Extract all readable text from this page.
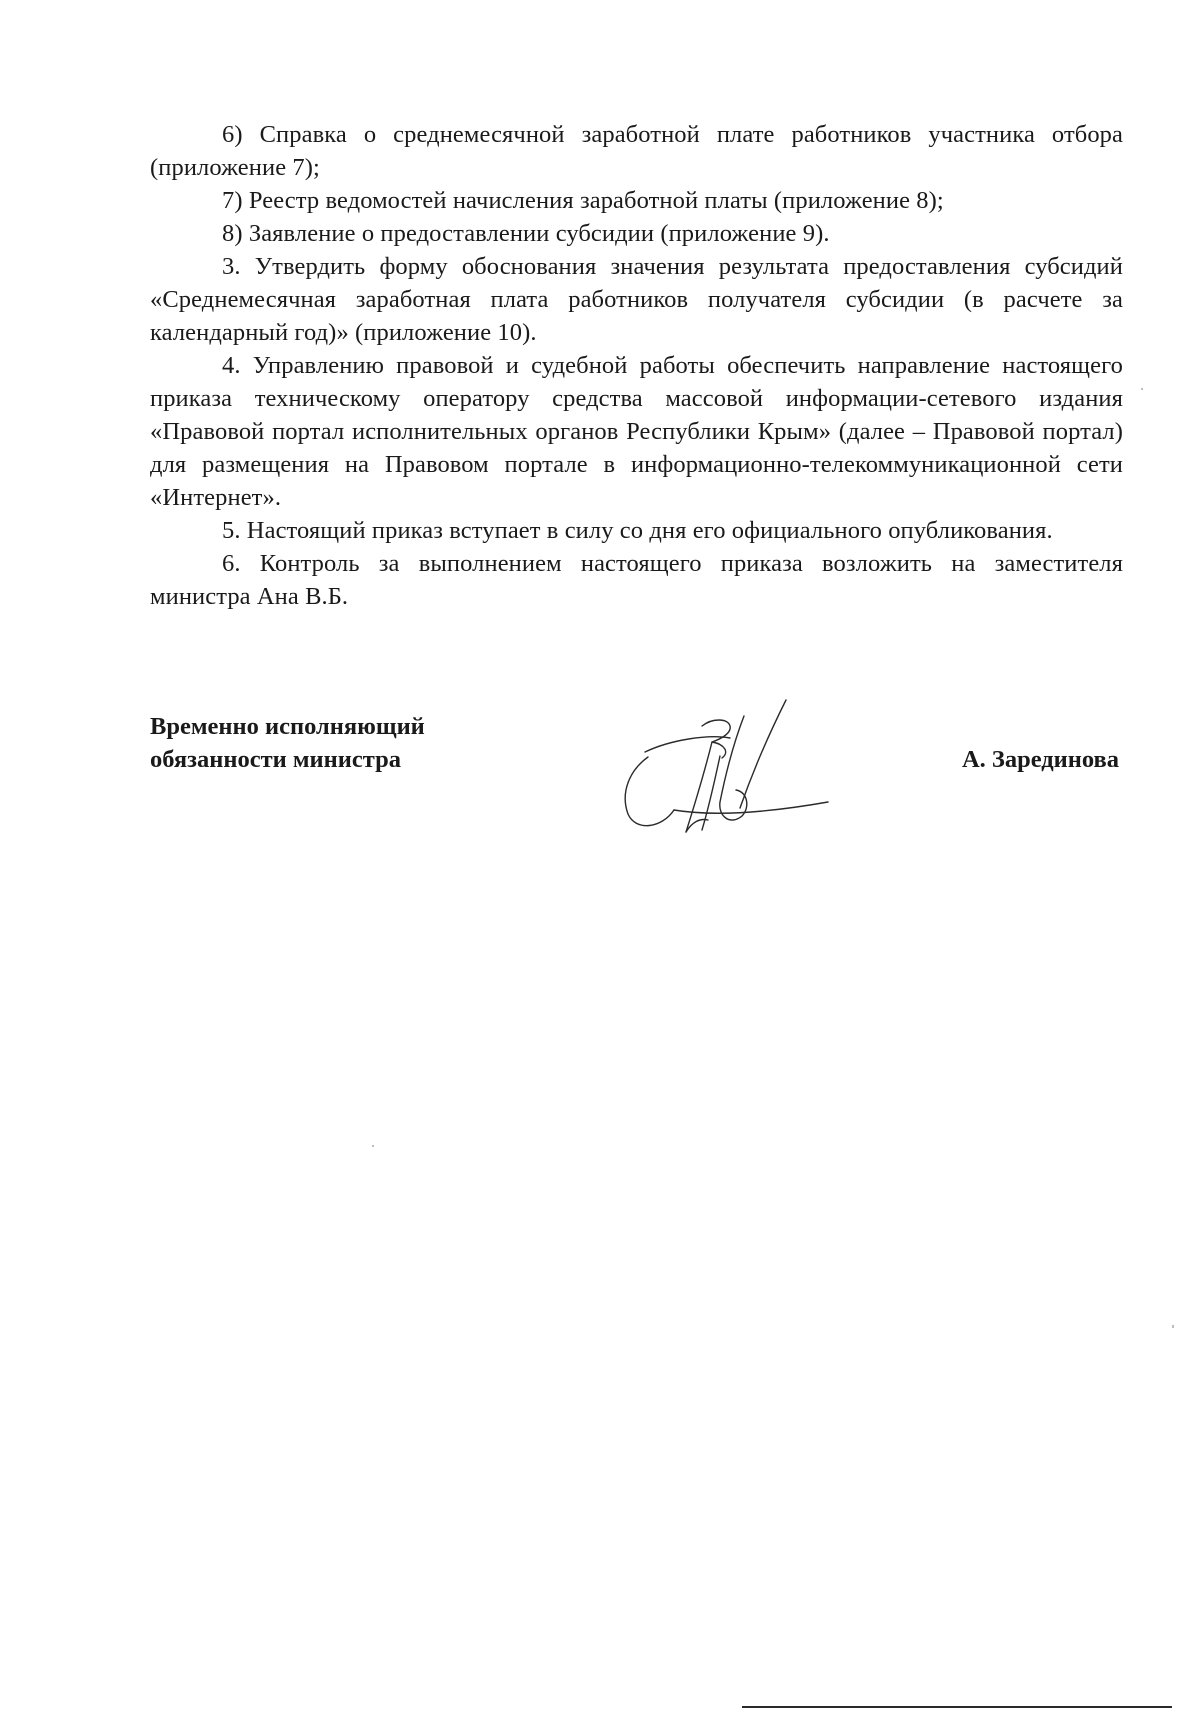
6) Справка о среднемесячной заработной плате работников участника отбора (приложение 7);

7) Реестр ведомостей начисления заработной платы (приложение 8);

8) Заявление о предоставлении субсидии (приложение 9).

3. Утвердить форму обоснования значения результата предоставления субсидий «Среднемесячная заработная плата работников получателя субсидии (в расчете за календарный год)» (приложение 10).

4. Управлению правовой и судебной работы обеспечить направление настоящего приказа техническому оператору средства массовой информации-сетевого издания «Правовой портал исполнительных органов Республики Крым» (далее – Правовой портал) для размещения на Правовом портале в информационно-телекоммуникационной сети «Интернет».

5. Настоящий приказ вступает в силу со дня его официального опубликования.

6. Контроль за выполнением настоящего приказа возложить на заместителя министра Ана В.Б.

Временно исполняющий
обязанности министра	А. Зарединова
